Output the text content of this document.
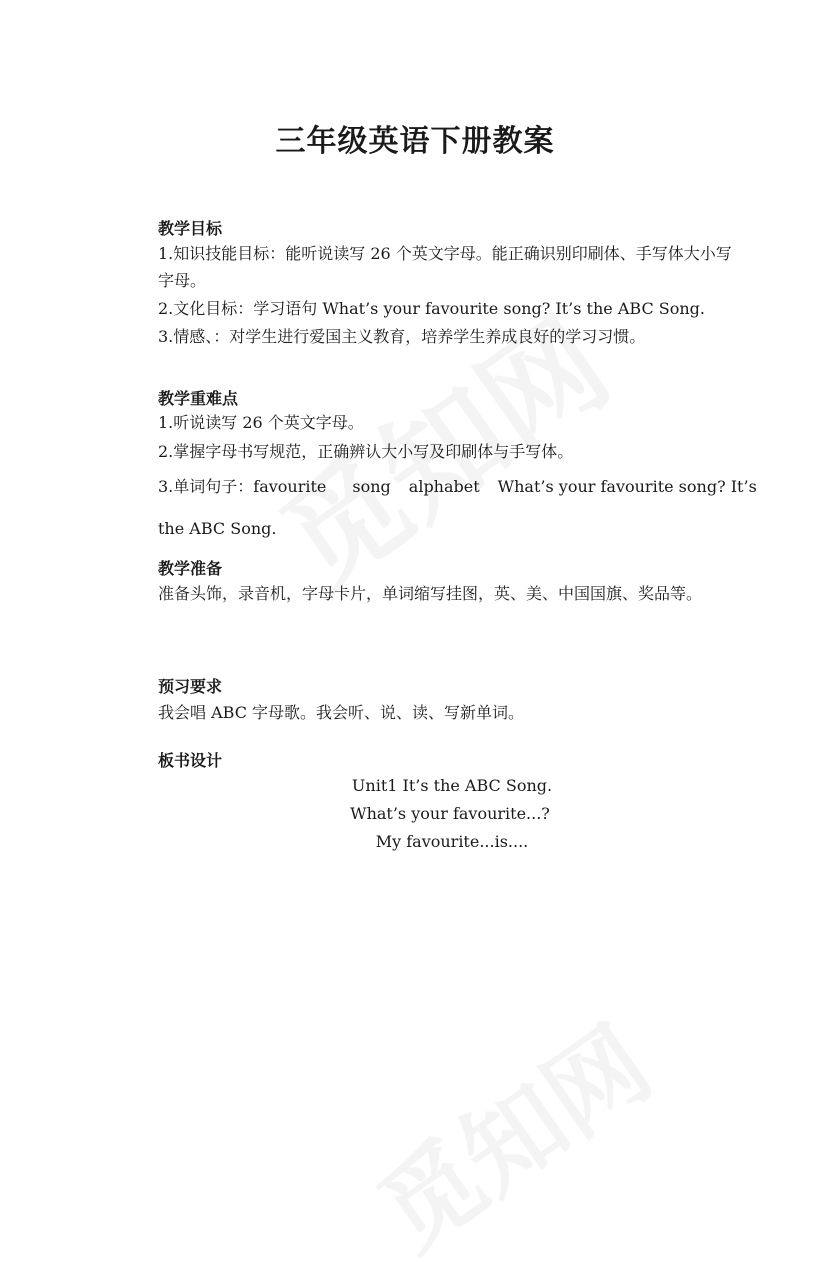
三年级英语下册教案
教学目标
1.知识技能目标：能听说读写 26 个英文字母。能正确识别印刷体、手写体大小写
字母。
2.文化目标：学习语句 What’s your favourite song? It’s the ABC Song.
3.情感、：对学生进行爱国主义教育，培养学生养成良好的学习习惯。
教学重难点
1.听说读写 26 个英文字母。
2.掌握字母书写规范，正确辨认大小写及印刷体与手写体。
3.单词句子：favourite song alphabet What’s your favourite song? It’s
the ABC Song.
教学准备
准备头饰，录音机，字母卡片，单词缩写挂图，英、美、中国国旗、奖品等。
预习要求
我会唱 ABC 字母歌。我会听、说、读、写新单词。
板书设计
Unit1 It’s the ABC Song.
What’s your favourite...?
My favourite...is....
